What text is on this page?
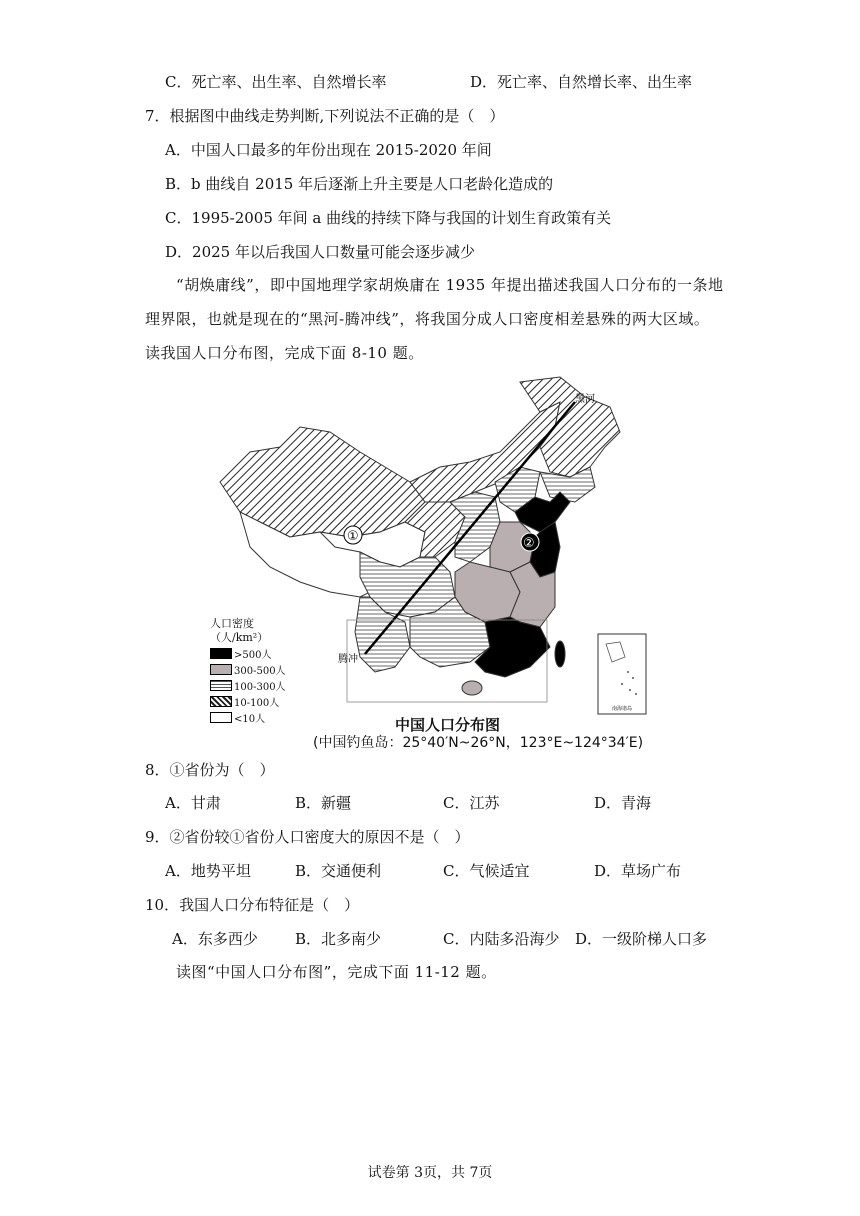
C．死亡率、出生率、自然增长率	D．死亡率、自然增长率、出生率
7．根据图中曲线走势判断,下列说法不正确的是（　）
A．中国人口最多的年份出现在 2015-2020 年间
B．b 曲线自 2015 年后逐渐上升主要是人口老龄化造成的
C．1995-2005 年间 a 曲线的持续下降与我国的计划生育政策有关
D．2025 年以后我国人口数量可能会逐步减少
“胡焕庸线”，即中国地理学家胡焕庸在 1935 年提出描述我国人口分布的一条地
理界限，也就是现在的“黑河-腾冲线”，将我国分成人口密度相差悬殊的两大区域。
读我国人口分布图，完成下面 8-10 题。
①	②
黑河
腾冲
南海诸岛
人口密度
（人/km²）
>500人
300-500人
100-300人
10-100人
<10人	中国人口分布图
(中国钓鱼岛：25°40′N~26°N，123°E~124°34′E)
8．①省份为（　）
A．甘肃	B．新疆	C．江苏	D．青海
9．②省份较①省份人口密度大的原因不是（　）
A．地势平坦	B．交通便利	C．气候适宜	D．草场广布
10．我国人口分布特征是（　）
A．东多西少 B．北多南少	C．内陆多沿海少 D．一级阶梯人口多
读图“中国人口分布图”，完成下面 11-12 题。
试卷第 3页，共 7页
